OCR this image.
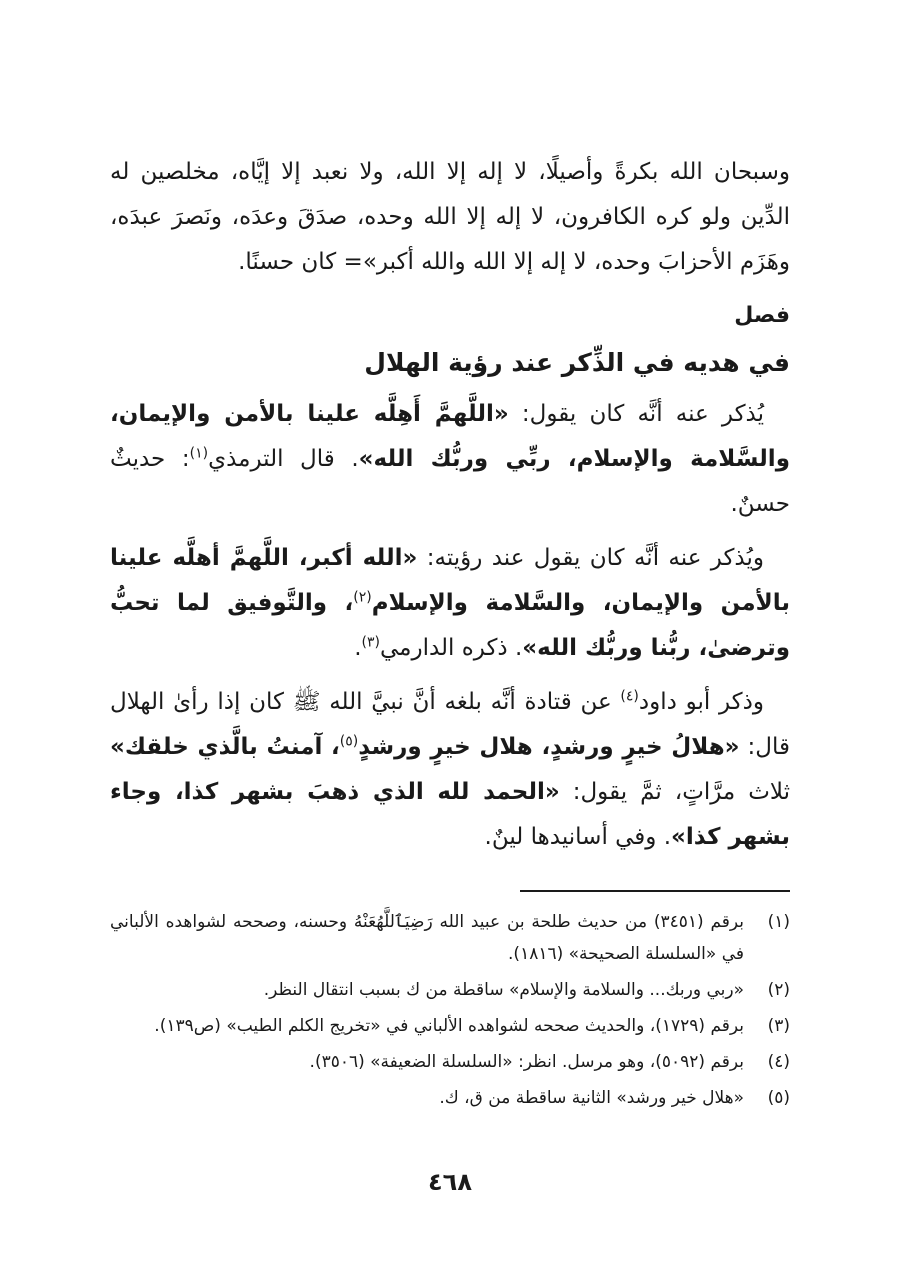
وسبحان الله بكرةً وأصيلًا، لا إله إلا الله، ولا نعبد إلا إيَّاه، مخلصين له الدِّين ولو كره الكافرون، لا إله إلا الله وحده، صدَقَ وعدَه، ونَصرَ عبدَه، وهَزَم الأحزابَ وحده، لا إله إلا الله والله أكبر»= كان حسنًا.

فصل

في هديه في الذِّكر عند رؤية الهلال

يُذكر عنه أنَّه كان يقول: «اللَّهمَّ أَهِلَّه علينا بالأمن والإيمان، والسَّلامة والإسلام، ربِّي وربُّك الله». قال الترمذي$^{(١)}$: حديثٌ حسنٌ.

ويُذكر عنه أنَّه كان يقول عند رؤيته: «الله أكبر، اللَّهمَّ أهلَّه علينا بالأمن والإيمان، والسَّلامة والإسلام$^{(٢)}$، والتَّوفيق لما تحبُّ وترضىٰ، ربُّنا وربُّك الله». ذكره الدارمي$^{(٣)}$.

وذكر أبو داود$^{(٤)}$ عن قتادة أنَّه بلغه أنَّ نبيَّ الله ﷺ كان إذا رأىٰ الهلال قال: «هلالُ خيرٍ ورشدٍ، هلال خيرٍ ورشدٍ$^{(٥)}$، آمنتُ بالَّذي خلقك» ثلاث مرَّاتٍ، ثمَّ يقول: «الحمد لله الذي ذهبَ بشهر كذا، وجاء بشهر كذا». وفي أسانيدها لينٌ.

(١)
برقم (٣٤٥١) من حديث طلحة بن عبيد الله رَضِيَٱللَّهُعَنْهُ وحسنه، وصححه لشواهده الألباني في «السلسلة الصحيحة» (١٨١٦).
(٢)
«ربي وربك... والسلامة والإسلام» ساقطة من ك بسبب انتقال النظر.
(٣)
برقم (١٧٢٩)، والحديث صححه لشواهده الألباني في «تخريج الكلم الطيب» (ص١٣٩).
(٤)
برقم (٥٠٩٢)، وهو مرسل. انظر: «السلسلة الضعيفة» (٣٥٠٦).
(٥)
«هلال خير ورشد» الثانية ساقطة من ق، ك.
٤٦٨
